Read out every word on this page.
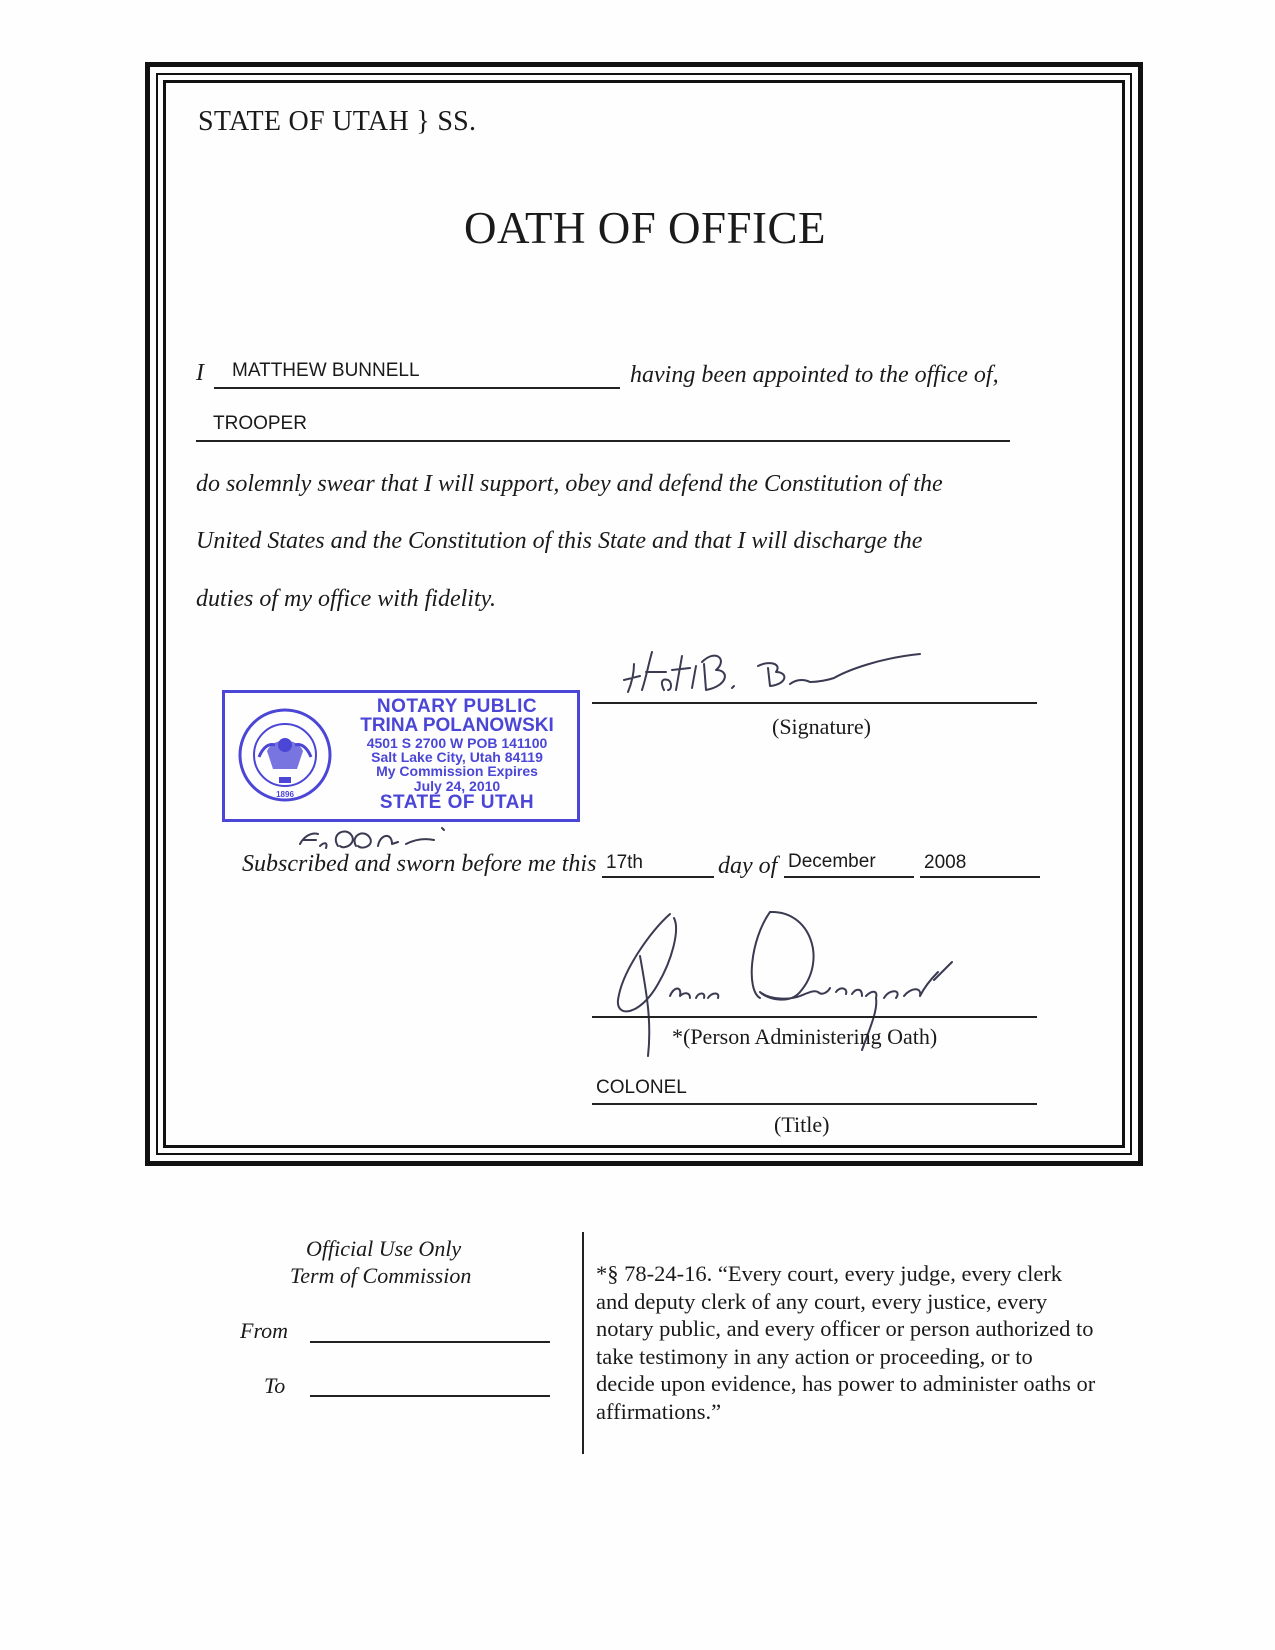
STATE OF UTAH } SS.
OATH OF OFFICE
I MATTHEW BUNNELL	having been appointed to the office of,
TROOPER
do solemnly swear that I will support, obey and defend the Constitution of the
United States and the Constitution of this State and that I will discharge the
duties of my office with fidelity.
(Signature)
1896
NOTARY PUBLIC
TRINA POLANOWSKI
4501 S 2700 W POB 141100
Salt Lake City, Utah 84119
My Commission Expires
July 24, 2010
STATE OF UTAH
Subscribed and sworn before me this 17th	day of December	2008
*(Person Administering Oath)
COLONEL
(Title)
Official Use Only
Term of Commission
From
To
*§ 78-24-16. “Every court, every judge, every clerk and deputy clerk of any court, every justice, every notary public, and every officer or person authorized to take testimony in any action or proceeding, or to decide upon evidence, has power to administer oaths or affirmations.”
